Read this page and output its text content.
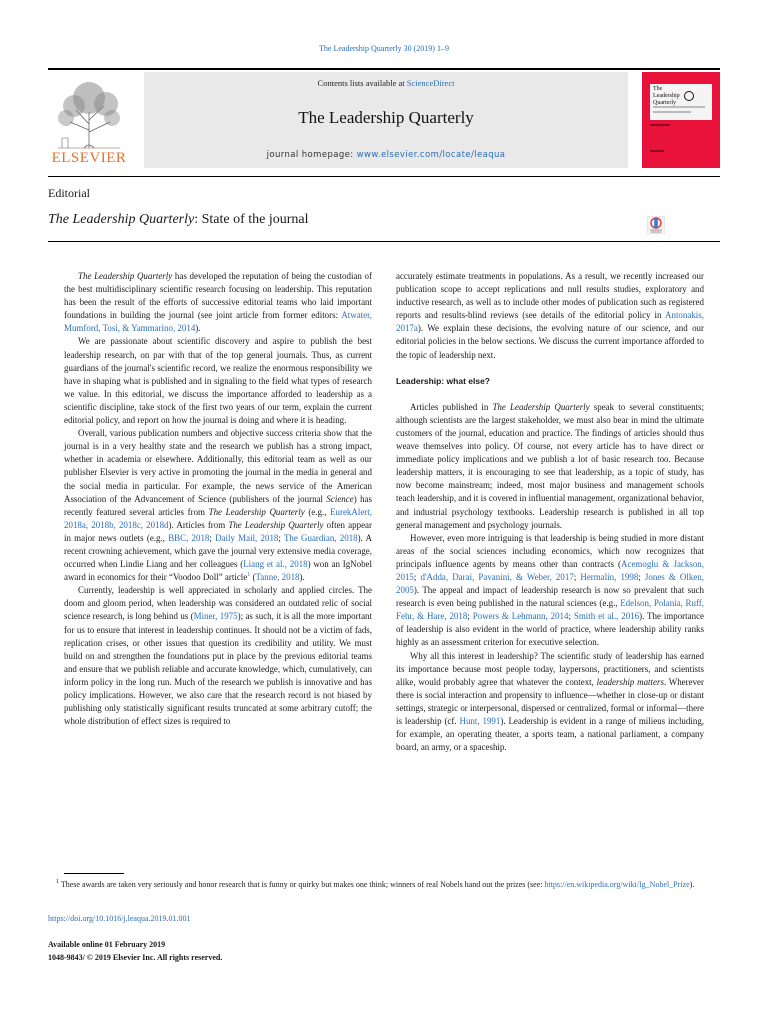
The Leadership Quarterly 30 (2019) 1–9
ELSEVIER
Contents lists available at ScienceDirect
The Leadership Quarterly
journal homepage: www.elsevier.com/locate/leaqua
The Leadership Quarterly
Editorial
The Leadership Quarterly: State of the journal

The Leadership Quarterly has developed the reputation of being the custodian of the best multidisciplinary scientific research focusing on leadership. This reputation has been the result of the efforts of successive editorial teams who laid important foundations in building the journal (see joint article from former editors: Atwater, Mumford, Tosi, & Yammarino, 2014).

We are passionate about scientific discovery and aspire to publish the best leadership research, on par with that of the top general journals. Thus, as current guardians of the journal's scientific record, we realize the enormous responsibility we have in shaping what is published and in signaling to the field what types of research we value. In this editorial, we discuss the importance afforded to leadership as a scientific discipline, take stock of the first two years of our term, explain the current editorial policy, and report on how the journal is doing and where it is heading.

Overall, various publication numbers and objective success criteria show that the journal is in a very healthy state and the research we publish has a strong impact, whether in academia or elsewhere. Additionally, this editorial team as well as our publisher Elsevier is very active in promoting the journal in the media in general and the social media in particular. For example, the news service of the American Association of the Advancement of Science (publishers of the journal Science) has recently featured several articles from The Leadership Quarterly (e.g., EurekAlert, 2018a, 2018b, 2018c, 2018d). Articles from The Leadership Quarterly often appear in major news outlets (e.g., BBC, 2018; Daily Mail, 2018; The Guardian, 2018). A recent crowning achievement, which gave the journal very extensive media coverage, occurred when Lindie Liang and her colleagues (Liang et al., 2018) won an IgNobel award in economics for their “Voodoo Doll” article$^1$ (Tanne, 2018).

Currently, leadership is well appreciated in scholarly and applied circles. The doom and gloom period, when leadership was considered an outdated relic of social science research, is long behind us (Miner, 1975); as such, it is all the more important for us to ensure that interest in leadership continues. It should not be a victim of fads, replication crises, or other issues that question its credibility and utility. We must build on and strengthen the foundations put in place by the previous editorial teams and ensure that we publish reliable and accurate knowledge, which, cumulatively, can inform policy in the long run. Much of the research we publish is innovative and has policy implications. However, we also care that the research record is not biased by publishing only statistically significant results truncated at some arbitrary cutoff; the whole distribution of effect sizes is required to

accurately estimate treatments in populations. As a result, we recently increased our publication scope to accept replications and null results studies, exploratory and inductive research, as well as to include other modes of publication such as registered reports and results-blind reviews (see details of the editorial policy in Antonakis, 2017a). We explain these decisions, the evolving nature of our science, and our editorial policies in the below sections. We discuss the current importance afforded to the topic of leadership next.

Leadership: what else?

Articles published in The Leadership Quarterly speak to several constituents; although scientists are the largest stakeholder, we must also bear in mind the ultimate customers of the journal, education and practice. The findings of articles should thus weave themselves into policy. Of course, not every article has to have direct or immediate policy implications and we publish a lot of basic research too. Because leadership matters, it is encouraging to see that leadership, as a topic of study, has now become mainstream; indeed, most major business and management schools teach leadership, and it is covered in influential management, organizational behavior, and industrial psychology textbooks. Leadership research is published in all top general management and psychology journals.

However, even more intriguing is that leadership is being studied in more distant areas of the social sciences including economics, which now recognizes that principals influence agents by means other than contracts (Acemoglu & Jackson, 2015; d'Adda, Darai, Pavanini, & Weber, 2017; Hermalin, 1998; Jones & Olken, 2005). The appeal and impact of leadership research is now so prevalent that such research is even being published in the natural sciences (e.g., Edelson, Polania, Ruff, Fehr, & Hare, 2018; Powers & Lehmann, 2014; Smith et al., 2016). The importance of leadership is also evident in the world of practice, where leadership ability ranks highly as an assessment criterion for executive selection.

Why all this interest in leadership? The scientific study of leadership has earned its importance because most people today, laypersons, practitioners, and scientists alike, would probably agree that whatever the context, leadership matters. Wherever there is social interaction and propensity to influence—whether in close-up or distant settings, strategic or interpersonal, dispersed or centralized, formal or informal—there is leadership (cf. Hunt, 1991). Leadership is evident in a range of milieus including, for example, an operating theater, a sports team, a national parliament, a company board, an army, or a spaceship.

$^1$ These awards are taken very seriously and honor research that is funny or quirky but makes one think; winners of real Nobels hand out the prizes (see: https://en.wikipedia.org/wiki/Ig_Nobel_Prize).
https://doi.org/10.1016/j.leaqua.2019.01.001
Available online 01 February 2019
1048-9843/ © 2019 Elsevier Inc. All rights reserved.
